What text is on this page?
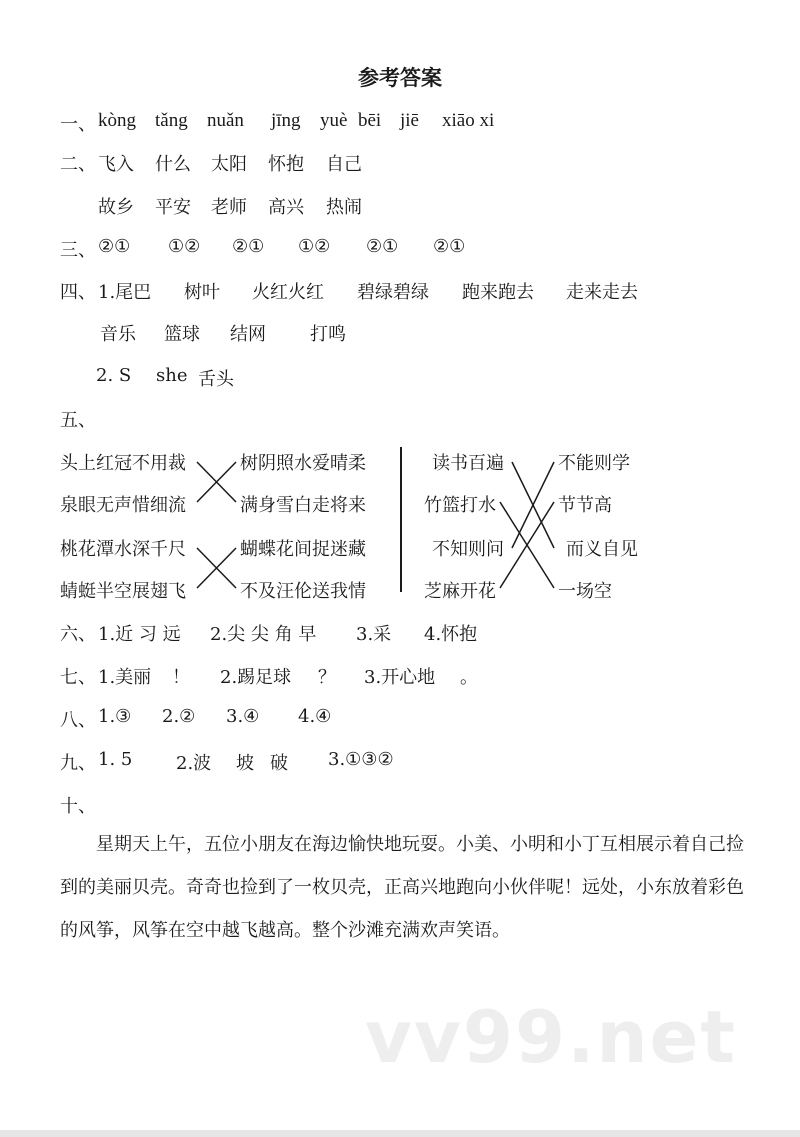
参考答案
一、 kòng tǎng nuǎn jīng yuè bēi jiē xiāo xi
二、 飞入 什么 太阳 怀抱 自己
故乡 平安 老师 高兴 热闹
三、 ②① ①② ②① ①② ②① ②①
四、 1.尾巴 树叶 火红火红 碧绿碧绿 跑来跑去 走来走去
音乐 篮球 结网 打鸣
2. S she 舌头
五、
头上红冠不用裁
泉眼无声惜细流
桃花潭水深千尺
蜻蜓半空展翅飞
树阴照水爱晴柔
满身雪白走将来
蝴蝶花间捉迷藏
不及汪伦送我情
读书百遍
竹篮打水
不知则问
芝麻开花
不能则学
节节高
而义自见
一场空
六、 1.近 习 远 2.尖 尖 角 早 3.采 4.怀抱
七、 1.美丽 ！ 2.踢足球 ？ 3.开心地 。
八、 1.③ 2.② 3.④ 4.④
九、 1. 5 2.波 坡 破 3.①③②
十、
星期天上午，五位小朋友在海边愉快地玩耍。小美、小明和小丁互相展示着自己捡到的美丽贝壳。奇奇也捡到了一枚贝壳，正高兴地跑向小伙伴呢！远处，小东放着彩色的风筝，风筝在空中越飞越高。整个沙滩充满欢声笑语。
vv99.net
